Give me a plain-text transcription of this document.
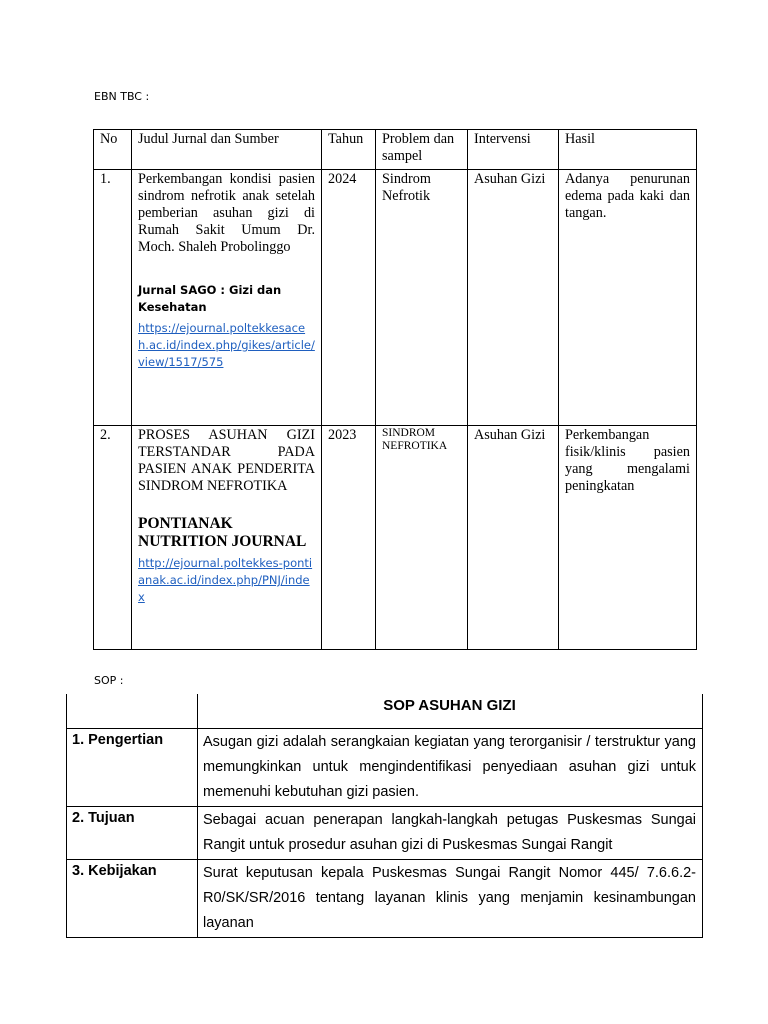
EBN TBC :
No	Judul Jurnal dan Sumber	Tahun	Problem dan sampel	Intervensi	Hasil
1.	Perkembangan kondisi pasien sindrom nefrotik anak setelah pemberian asuhan gizi di Rumah Sakit Umum Dr. Moch. Shaleh Probolinggo
Jurnal SAGO : Gizi dan Kesehatan
https://ejournal.poltekkesaceh.ac.id/index.php/gikes/article/view/1517/575	2024	Sindrom Nefrotik	Asuhan Gizi	Adanya penurunan edema pada kaki dan tangan.
2.	PROSES ASUHAN GIZI TERSTANDAR PADA PASIEN ANAK PENDERITA SINDROM NEFROTIKA
PONTIANAK NUTRITION JOURNAL
http://ejournal.poltekkes-pontianak.ac.id/index.php/PNJ/index	2023	SINDROM NEFROTIKA	Asuhan Gizi	Perkembangan fisik/klinis pasien yang mengalami peningkatan
SOP :
	SOP ASUHAN GIZI
1. Pengertian	Asugan gizi adalah serangkaian kegiatan yang terorganisir / terstruktur yang memungkinkan untuk mengindentifikasi penyediaan asuhan gizi untuk memenuhi kebutuhan gizi pasien.
2. Tujuan	Sebagai acuan penerapan langkah-langkah petugas Puskesmas Sungai Rangit untuk prosedur asuhan gizi di Puskesmas Sungai Rangit
3. Kebijakan	Surat keputusan kepala Puskesmas Sungai Rangit Nomor 445/ 7.6.6.2-R0/SK/SR/2016 tentang layanan klinis yang menjamin kesinambungan layanan
